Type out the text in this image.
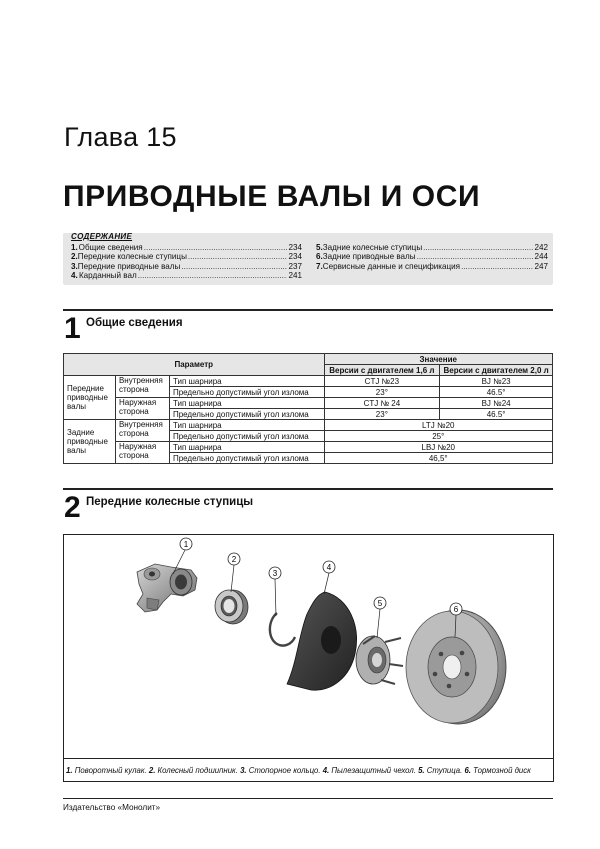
Глава 15
ПРИВОДНЫЕ ВАЛЫ И ОСИ
СОДЕРЖАНИЕ
1. Общие сведения .....	234
2. Передние колесные ступицы .....	234
3. Передние приводные валы .....	237
4. Карданный вал .....	241
5. Задние колесные ступицы .....	242
6. Задние приводные валы .....	244
7. Сервисные данные и спецификация .....	247
1 Общие сведения
Параметр			Значение	
			Версии с двигателем 1,6 л	Версии с двигателем 2,0 л
Передние приводные валы	Внутренняя сторона	Тип шарнира	CTJ №23	BJ №23
		Предельно допустимый угол излома	23°	46.5°
	Наружная сторона	Тип шарнира	CTJ № 24	BJ №24
		Предельно допустимый угол излома	23°	46.5°
Задние приводные валы	Внутренняя сторона	Тип шарнира	LTJ №20	
		Предельно допустимый угол излома	25°	
	Наружная сторона	Тип шарнира	LBJ №20	
		Предельно допустимый угол излома	46,5°	
2 Передние колесные ступицы
1
2
3
4
5
6
1. Поворотный кулак. 2. Колесный подшипник. 3. Стопорное кольцо. 4. Пылезащитный чехол. 5. Ступица. 6. Тормозной диск
Издательство «Монолит»
